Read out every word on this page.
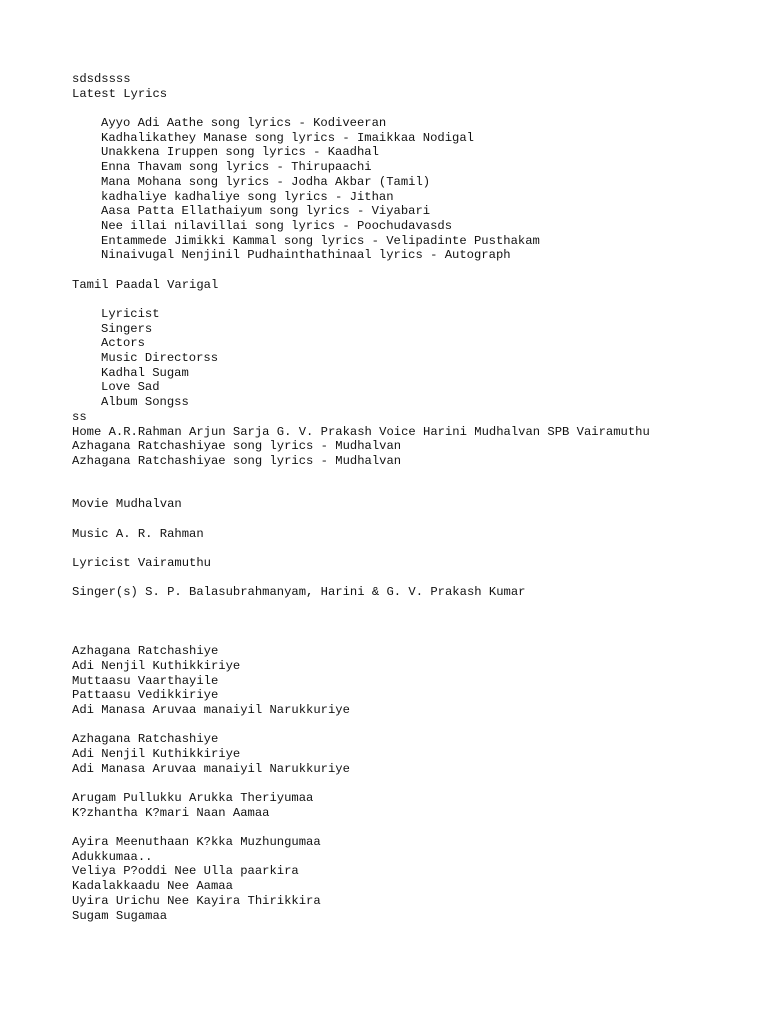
sdsdssss
Latest Lyrics
Ayyo Adi Aathe song lyrics - Kodiveeran
Kadhalikathey Manase song lyrics - Imaikkaa Nodigal
Unakkena Iruppen song lyrics - Kaadhal
Enna Thavam song lyrics - Thirupaachi
Mana Mohana song lyrics - Jodha Akbar (Tamil)
kadhaliye kadhaliye song lyrics - Jithan
Aasa Patta Ellathaiyum song lyrics - Viyabari
Nee illai nilavillai song lyrics - Poochudavasds
Entammede Jimikki Kammal song lyrics - Velipadinte Pusthakam
Ninaivugal Nenjinil Pudhainthathinaal lyrics - Autograph
Tamil Paadal Varigal
Lyricist
Singers
Actors
Music Directorss
Kadhal Sugam
Love Sad
Album Songss
ss
Home A.R.Rahman Arjun Sarja G. V. Prakash Voice Harini Mudhalvan SPB Vairamuthu
Azhagana Ratchashiyae song lyrics - Mudhalvan
Azhagana Ratchashiyae song lyrics - Mudhalvan
Movie Mudhalvan
Music A. R. Rahman
Lyricist Vairamuthu
Singer(s) S. P. Balasubrahmanyam, Harini & G. V. Prakash Kumar
Azhagana Ratchashiye
Adi Nenjil Kuthikkiriye
Muttaasu Vaarthayile
Pattaasu Vedikkiriye
Adi Manasa Aruvaa manaiyil Narukkuriye
Azhagana Ratchashiye
Adi Nenjil Kuthikkiriye
Adi Manasa Aruvaa manaiyil Narukkuriye
Arugam Pullukku Arukka Theriyumaa
K?zhantha K?mari Naan Aamaa
Ayira Meenuthaan K?kka Muzhungumaa
Adukkumaa..
Veliya P?oddi Nee Ulla paarkira
Kadalakkaadu Nee Aamaa
Uyira Urichu Nee Kayira Thirikkira
Sugam Sugamaa
